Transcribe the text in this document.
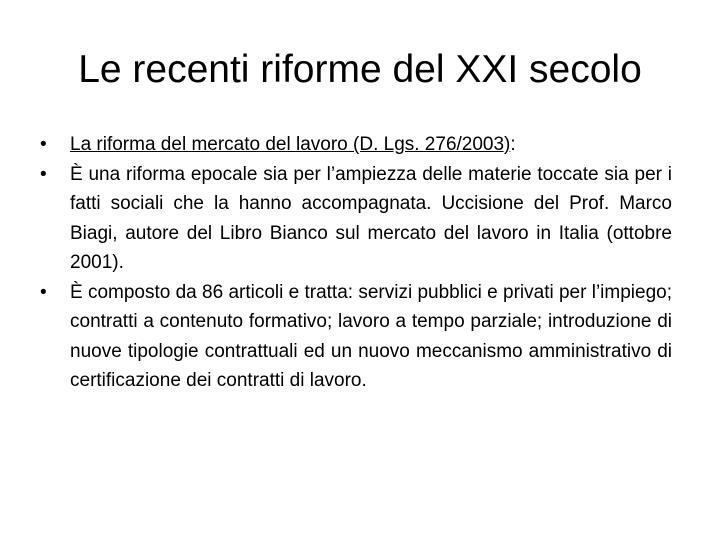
Le recenti riforme del XXI secolo
• La riforma del mercato del lavoro (D. Lgs. 276/2003):
• È una riforma epocale sia per l’ampiezza delle materie toccate sia per i fatti sociali che la hanno accompagnata. Uccisione del Prof. Marco Biagi, autore del Libro Bianco sul mercato del lavoro in Italia (ottobre 2001).
• È composto da 86 articoli e tratta: servizi pubblici e privati per l’impiego; contratti a contenuto formativo; lavoro a tempo parziale; introduzione di nuove tipologie contrattuali ed un nuovo meccanismo amministrativo di certificazione dei contratti di lavoro.
